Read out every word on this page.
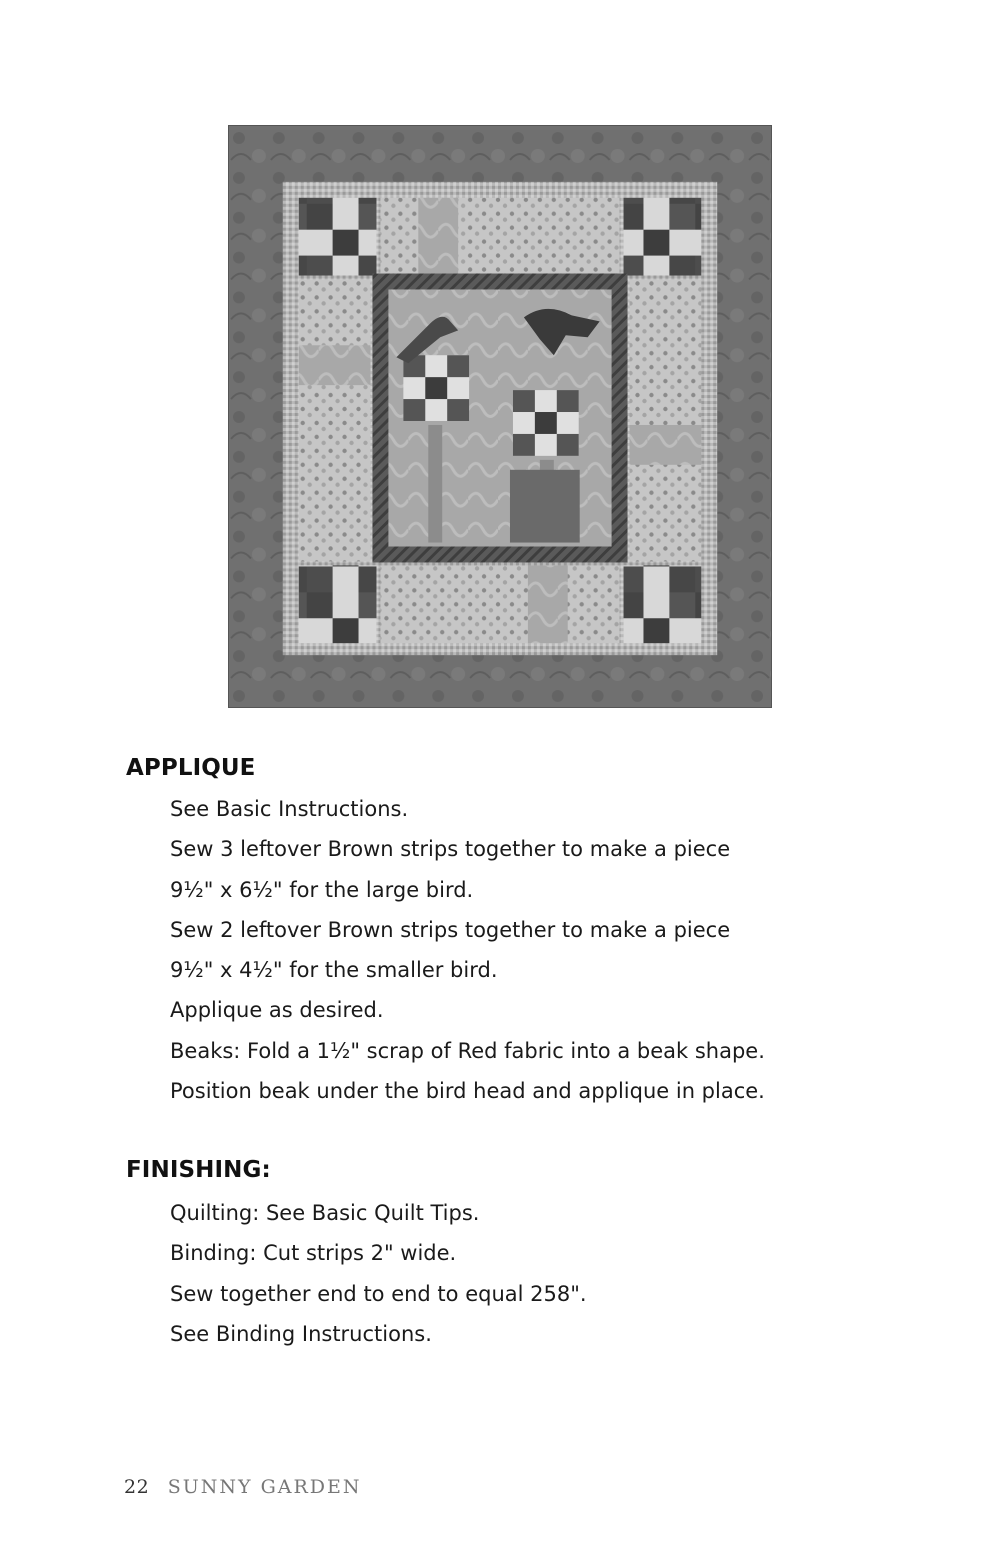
APPLIQUE
See Basic Instructions.
Sew 3 leftover Brown strips together to make a piece
9½" x 6½" for the large bird.
Sew 2 leftover Brown strips together to make a piece
9½" x 4½" for the smaller bird.
Applique as desired.
Beaks: Fold a 1½" scrap of Red fabric into a beak shape.
Position beak under the bird head and applique in place.
FINISHING:
Quilting: See Basic Quilt Tips.
Binding: Cut strips 2" wide.
Sew together end to end to equal 258".
See Binding Instructions.
22 SUNNY GARDEN
